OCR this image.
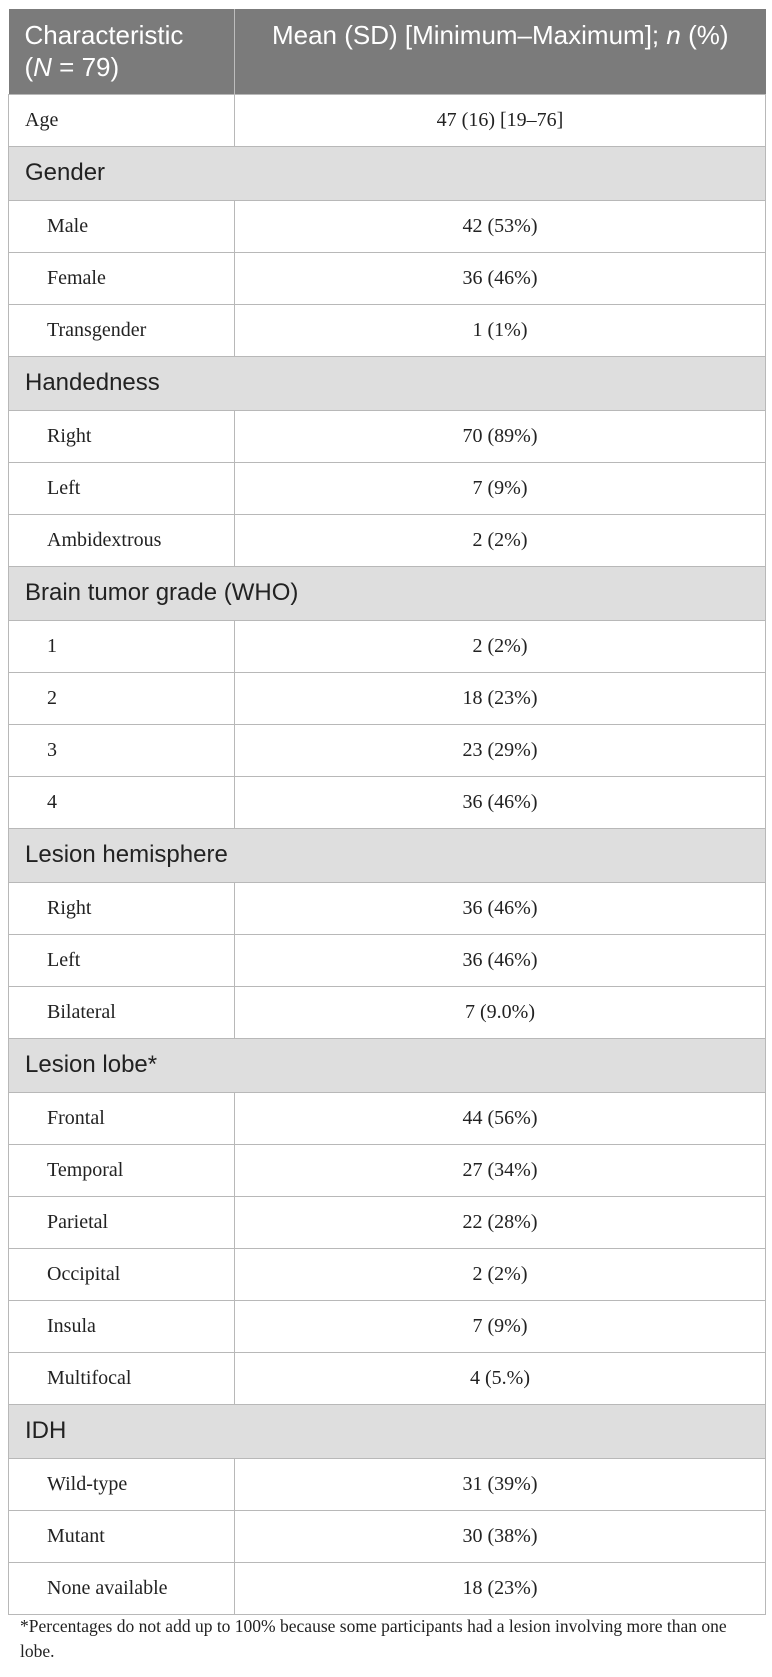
Characteristic
(N = 79)	Mean (SD) [Minimum–Maximum]; n (%)
Age	47 (16) [19–76]
Gender	
Male	42 (53%)
Female	36 (46%)
Transgender	1 (1%)
Handedness	
Right	70 (89%)
Left	7 (9%)
Ambidextrous	2 (2%)
Brain tumor grade (WHO)	
1	2 (2%)
2	18 (23%)
3	23 (29%)
4	36 (46%)
Lesion hemisphere	
Right	36 (46%)
Left	36 (46%)
Bilateral	7 (9.0%)
Lesion lobe*	
Frontal	44 (56%)
Temporal	27 (34%)
Parietal	22 (28%)
Occipital	2 (2%)
Insula	7 (9%)
Multifocal	4 (5.%)
IDH	
Wild-type	31 (39%)
Mutant	30 (38%)
None available	18 (23%)
*Percentages do not add up to 100% because some participants had a lesion involving more than one lobe.
